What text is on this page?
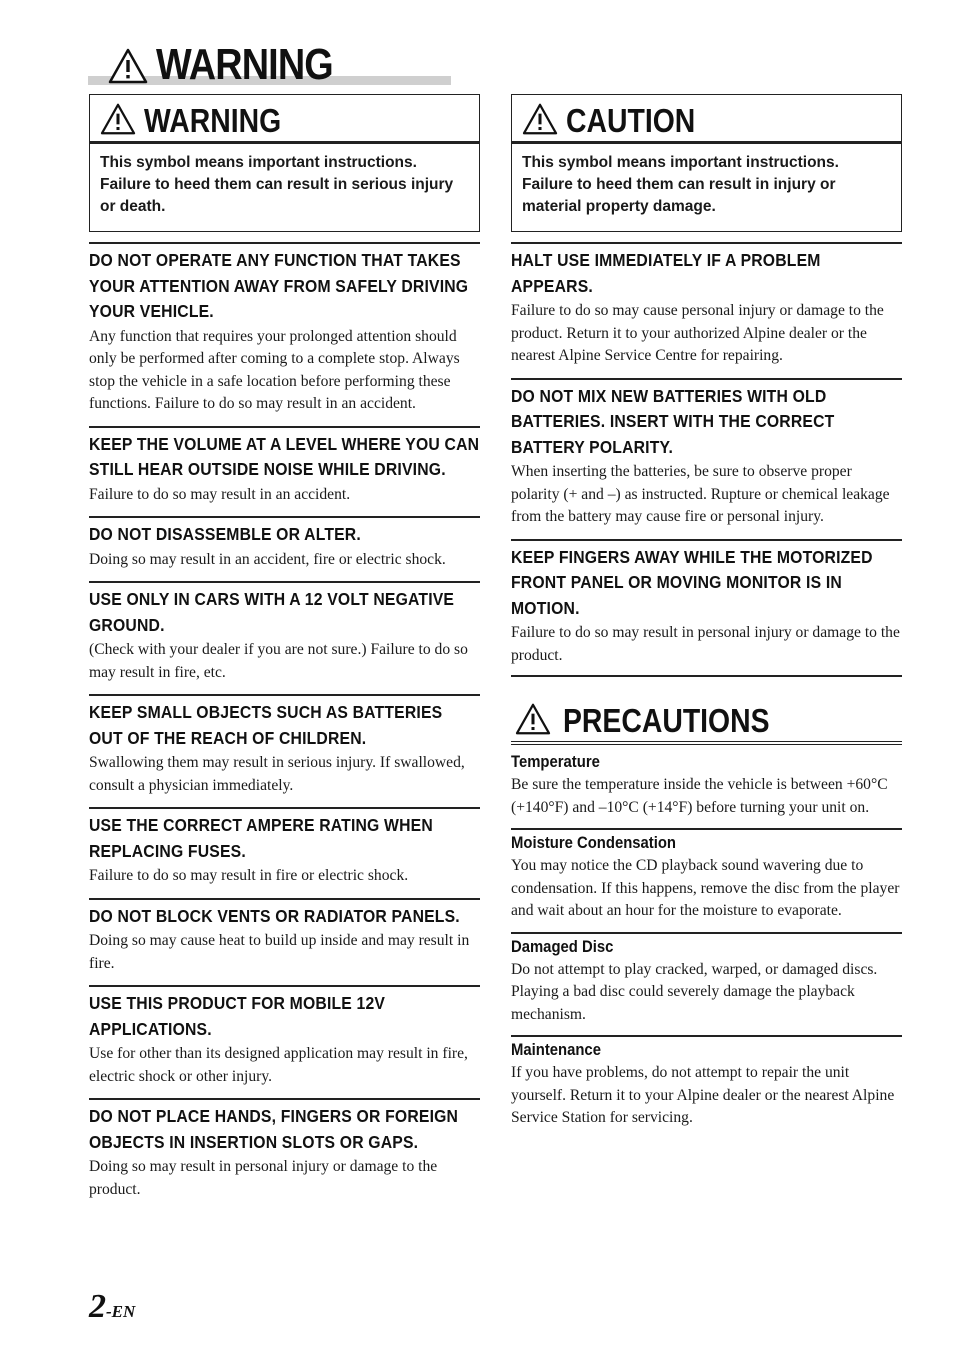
WARNING
WARNING
This symbol means important instructions. Failure to heed them can result in serious injury or death.
DO NOT OPERATE ANY FUNCTION THAT TAKES YOUR ATTENTION AWAY FROM SAFELY DRIVING YOUR VEHICLE.
Any function that requires your prolonged attention should only be performed after coming to a complete stop. Always stop the vehicle in a safe location before performing these functions. Failure to do so may result in an accident.
KEEP THE VOLUME AT A LEVEL WHERE YOU CAN STILL HEAR OUTSIDE NOISE WHILE DRIVING.
Failure to do so may result in an accident.
DO NOT DISASSEMBLE OR ALTER.
Doing so may result in an accident, fire or electric shock.
USE ONLY IN CARS WITH A 12 VOLT NEGATIVE GROUND.
(Check with your dealer if you are not sure.) Failure to do so may result in fire, etc.
KEEP SMALL OBJECTS SUCH AS BATTERIES OUT OF THE REACH OF CHILDREN.
Swallowing them may result in serious injury. If swallowed, consult a physician immediately.
USE THE CORRECT AMPERE RATING WHEN REPLACING FUSES.
Failure to do so may result in fire or electric shock.
DO NOT BLOCK VENTS OR RADIATOR PANELS.
Doing so may cause heat to build up inside and may result in fire.
USE THIS PRODUCT FOR MOBILE 12V APPLICATIONS.
Use for other than its designed application may result in fire, electric shock or other injury.
DO NOT PLACE HANDS, FINGERS OR FOREIGN OBJECTS IN INSERTION SLOTS OR GAPS.
Doing so may result in personal injury or damage to the product.
CAUTION
This symbol means important instructions. Failure to heed them can result in injury or material property damage.
HALT USE IMMEDIATELY IF A PROBLEM APPEARS.
Failure to do so may cause personal injury or damage to the product. Return it to your authorized Alpine dealer or the nearest Alpine Service Centre for repairing.
DO NOT MIX NEW BATTERIES WITH OLD BATTERIES. INSERT WITH THE CORRECT BATTERY POLARITY.
When inserting the batteries, be sure to observe proper polarity (+ and –) as instructed. Rupture or chemical leakage from the battery may cause fire or personal injury.
KEEP FINGERS AWAY WHILE THE MOTORIZED FRONT PANEL OR MOVING MONITOR IS IN MOTION.
Failure to do so may result in personal injury or damage to the product.
PRECAUTIONS
Temperature
Be sure the temperature inside the vehicle is between +60°C (+140°F) and –10°C (+14°F) before turning your unit on.
Moisture Condensation
You may notice the CD playback sound wavering due to condensation. If this happens, remove the disc from the player and wait about an hour for the moisture to evaporate.
Damaged Disc
Do not attempt to play cracked, warped, or damaged discs. Playing a bad disc could severely damage the playback mechanism.
Maintenance
If you have problems, do not attempt to repair the unit yourself. Return it to your Alpine dealer or the nearest Alpine Service Station for servicing.
2-EN
